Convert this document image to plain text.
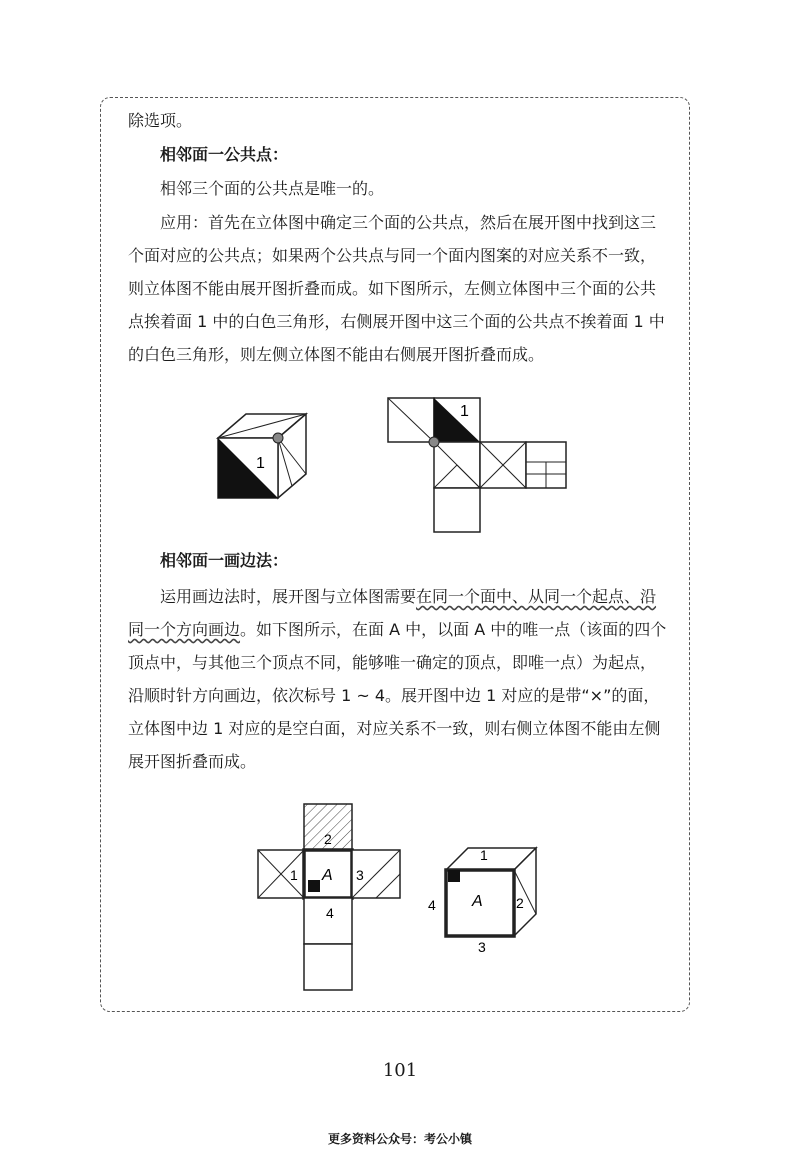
除选项。

相邻面一公共点：

相邻三个面的公共点是唯一的。

应用：首先在立体图中确定三个面的公共点，然后在展开图中找到这三个面对应的公共点；如果两个公共点与同一个面内图案的对应关系不一致，则立体图不能由展开图折叠而成。如下图所示，左侧立体图中三个面的公共点挨着面 1 中的白色三角形，右侧展开图中这三个面的公共点不挨着面 1 中的白色三角形，则左侧立体图不能由右侧展开图折叠而成。

1
1

相邻面一画边法：

运用画边法时，展开图与立体图需要在同一个面中、从同一个起点、沿同一个方向画边。如下图所示，在面 A 中，以面 A 中的唯一点（该面的四个顶点中，与其他三个顶点不同，能够唯一确定的顶点，即唯一点）为起点，沿顺时针方向画边，依次标号 1 ~ 4。展开图中边 1 对应的是带“×”的面，立体图中边 1 对应的是空白面，对应关系不一致，则右侧立体图不能由左侧展开图折叠而成。

A
1
2
3
4
A
1
2
3
4
101
更多资料公众号：考公小镇
